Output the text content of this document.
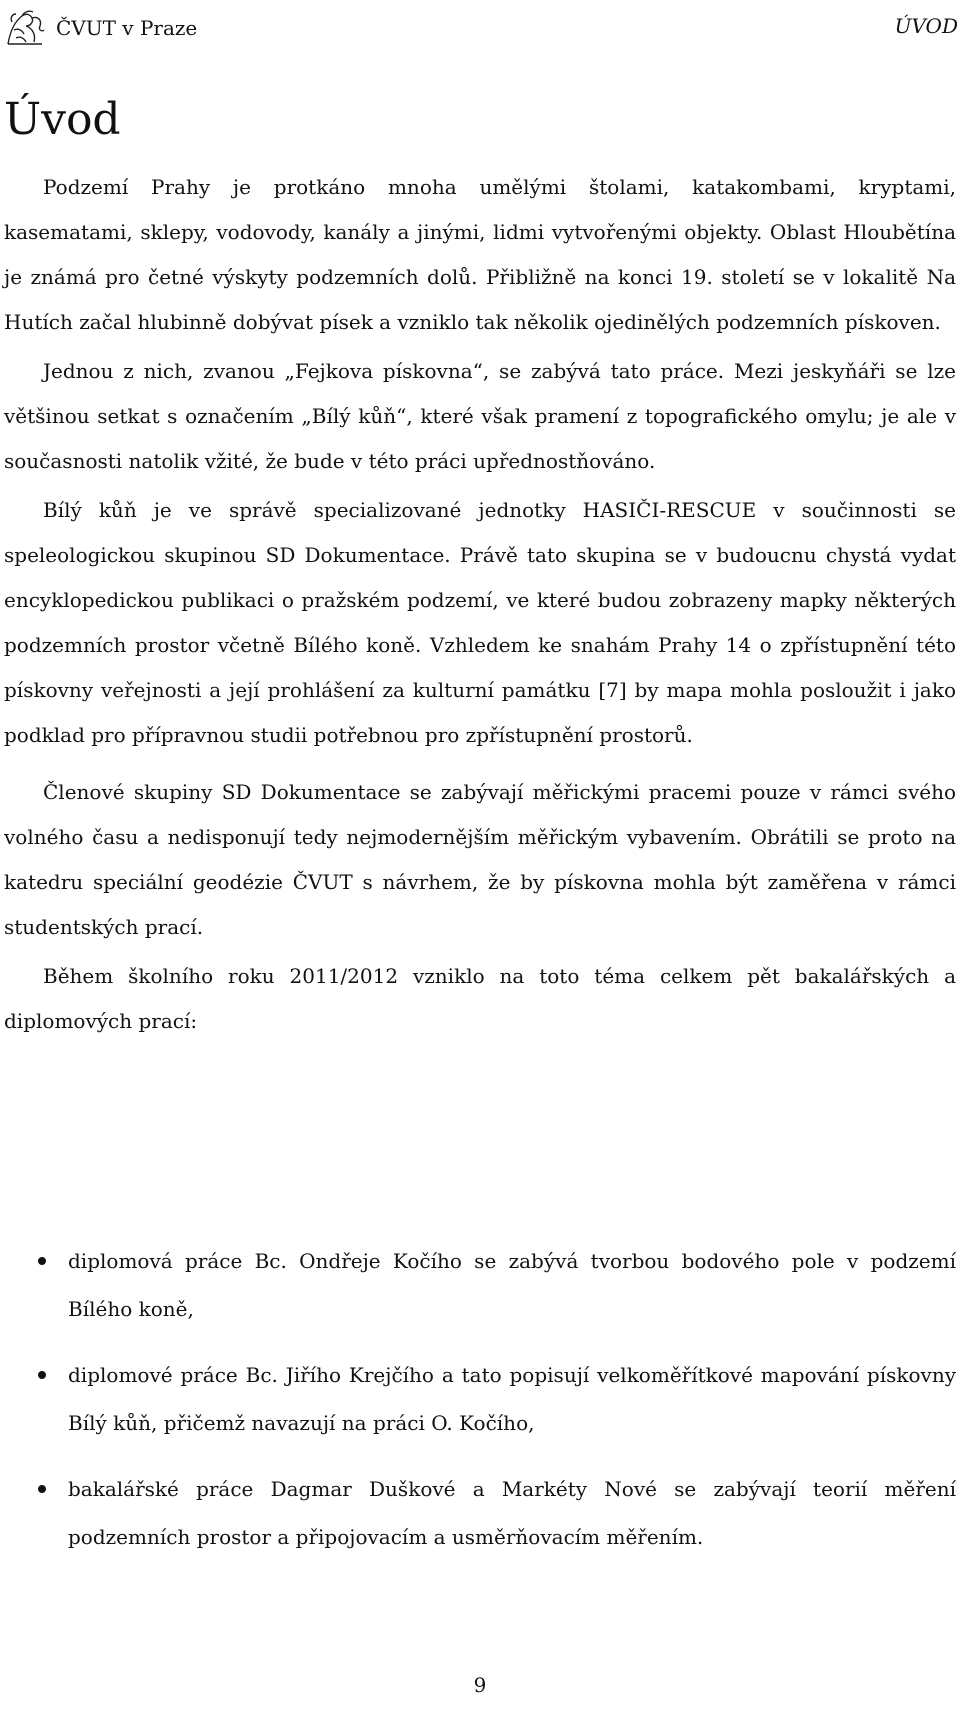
ČVUT v Praze	ÚVOD
Úvod

Podzemí Prahy je protkáno mnoha umělými štolami, katakombami, kryptami, kasematami, sklepy, vodovody, kanály a jinými, lidmi vytvořenými objekty. Oblast Hloubětína je známá pro četné výskyty podzemních dolů. Přibližně na konci 19. století se v lokalitě Na Hutích začal hlubinně dobývat písek a vzniklo tak několik ojedinělých podzemních pískoven.

Jednou z nich, zvanou „Fejkova pískovna“, se zabývá tato práce. Mezi jeskyňáři se lze většinou setkat s označením „Bílý kůň“, které však pramení z topografického omylu; je ale v současnosti natolik vžité, že bude v této práci upřednostňováno.

Bílý kůň je ve správě specializované jednotky HASIČI-RESCUE v součinnosti se speleologickou skupinou SD Dokumentace. Právě tato skupina se v budoucnu chystá vydat encyklopedickou publikaci o pražském podzemí, ve které budou zobrazeny mapky některých podzemních prostor včetně Bílého koně. Vzhledem ke snahám Prahy 14 o zpřístupnění této pískovny veřejnosti a její prohlášení za kulturní památku [7] by mapa mohla posloužit i jako podklad pro přípravnou studii potřebnou pro zpřístupnění prostorů.

Členové skupiny SD Dokumentace se zabývají měřickými pracemi pouze v rámci svého volného času a nedisponují tedy nejmodernějším měřickým vybavením. Obrátili se proto na katedru speciální geodézie ČVUT s návrhem, že by pískovna mohla být zaměřena v rámci studentských prací.

Během školního roku 2011/2012 vzniklo na toto téma celkem pět bakalářských a diplomových prací:

diplomová práce Bc. Ondřeje Kočího se zabývá tvorbou bodového pole v podzemí Bílého koně,
diplomové práce Bc. Jiřího Krejčího a tato popisují velkoměřítkové mapování pískovny Bílý kůň, přičemž navazují na práci O. Kočího,
bakalářské práce Dagmar Duškové a Markéty Nové se zabývají teorií měření podzemních prostor a připojovacím a usměrňovacím měřením.
9
